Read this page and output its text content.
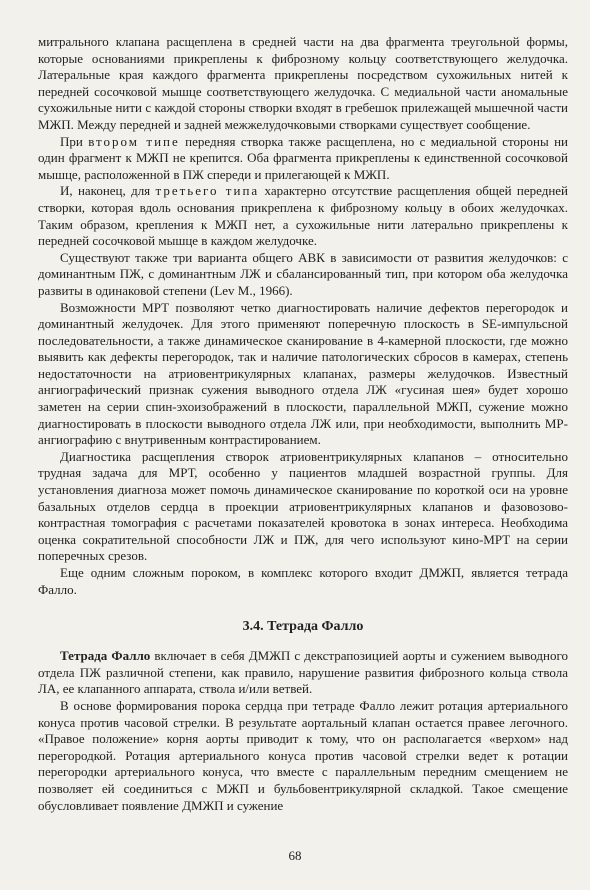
митрального клапана расщеплена в средней части на два фрагмента треугольной формы, которые основаниями прикреплены к фиброзному кольцу соответствующего желудочка. Латеральные края каждого фрагмента прикреплены посредством сухожильных нитей к передней сосочковой мышце соответствующего желудочка. С медиальной части аномальные сухожильные нити с каждой стороны створки входят в гребешок прилежащей мышечной части МЖП. Между передней и задней межжелудочковыми створками существует сообщение.

При втором типе передняя створка также расщеплена, но с медиальной стороны ни один фрагмент к МЖП не крепится. Оба фрагмента прикреплены к единственной сосочковой мышце, расположенной в ПЖ спереди и прилегающей к МЖП.

И, наконец, для третьего типа характерно отсутствие расщепления общей передней створки, которая вдоль основания прикреплена к фиброзному кольцу в обоих желудочках. Таким образом, крепления к МЖП нет, а сухожильные нити латерально прикреплены к передней сосочковой мышце в каждом желудочке.

Существуют также три варианта общего АВК в зависимости от развития желудочков: с доминантным ПЖ, с доминантным ЛЖ и сбалансированный тип, при котором оба желудочка развиты в одинаковой степени (Lev M., 1966).

Возможности МРТ позволяют четко диагностировать наличие дефектов перегородок и доминантный желудочек. Для этого применяют поперечную плоскость в SE-импульсной последовательности, а также динамическое сканирование в 4-камерной плоскости, где можно выявить как дефекты перегородок, так и наличие патологических сбросов в камерах, степень недостаточности на атриовентрикулярных клапанах, размеры желудочков. Известный ангиографический признак сужения выводного отдела ЛЖ «гусиная шея» будет хорошо заметен на серии спин-эхоизображений в плоскости, параллельной МЖП, сужение можно диагностировать в плоскости выводного отдела ЛЖ или, при необходимости, выполнить МР-ангиографию с внутривенным контрастированием.

Диагностика расщепления створок атриовентрикулярных клапанов – относительно трудная задача для МРТ, особенно у пациентов младшей возрастной группы. Для установления диагноза может помочь динамическое сканирование по короткой оси на уровне базальных отделов сердца в проекции атриовентрикулярных клапанов и фазовозово-контрастная томография с расчетами показателей кровотока в зонах интереса. Необходима оценка сократительной способности ЛЖ и ПЖ, для чего используют кино-МРТ на серии поперечных срезов.

Еще одним сложным пороком, в комплекс которого входит ДМЖП, является тетрада Фалло.

3.4. Тетрада Фалло

Тетрада Фалло включает в себя ДМЖП с декстрапозицией аорты и сужением выводного отдела ПЖ различной степени, как правило, нарушение развития фиброзного кольца ствола ЛА, ее клапанного аппарата, ствола и/или ветвей.

В основе формирования порока сердца при тетраде Фалло лежит ротация артериального конуса против часовой стрелки. В результате аортальный клапан остается правее легочного. «Правое положение» корня аорты приводит к тому, что он располагается «верхом» над перегородкой. Ротация артериального конуса против часовой стрелки ведет к ротации перегородки артериального конуса, что вместе с параллельным передним смещением не позволяет ей соединиться с МЖП и бульбовентрикулярной складкой. Такое смещение обусловливает появление ДМЖП и сужение

68
